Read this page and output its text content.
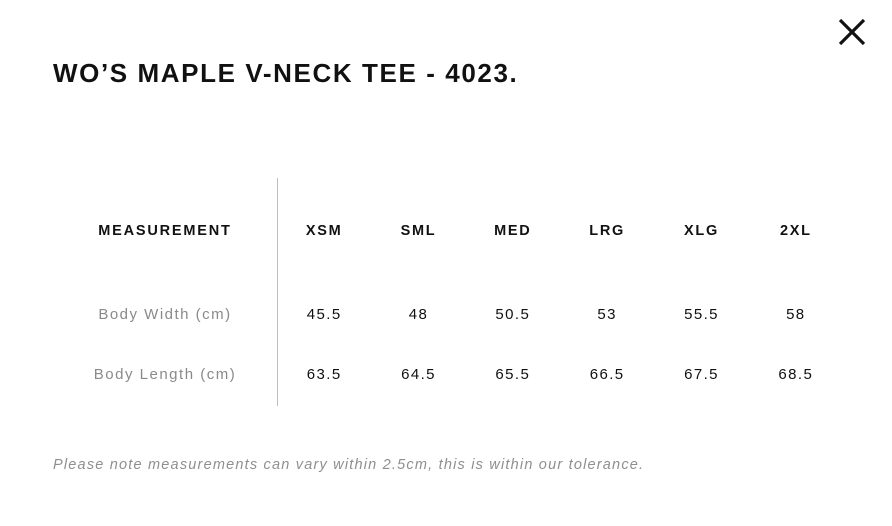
WO’S MAPLE V-NECK TEE - 4023.
MEASUREMENT	XSM	SML	MED	LRG	XLG	2XL
Body Width (cm)	45.5	48	50.5	53	55.5	58
Body Length (cm)	63.5	64.5	65.5	66.5	67.5	68.5
Please note measurements can vary within 2.5cm, this is within our tolerance.
